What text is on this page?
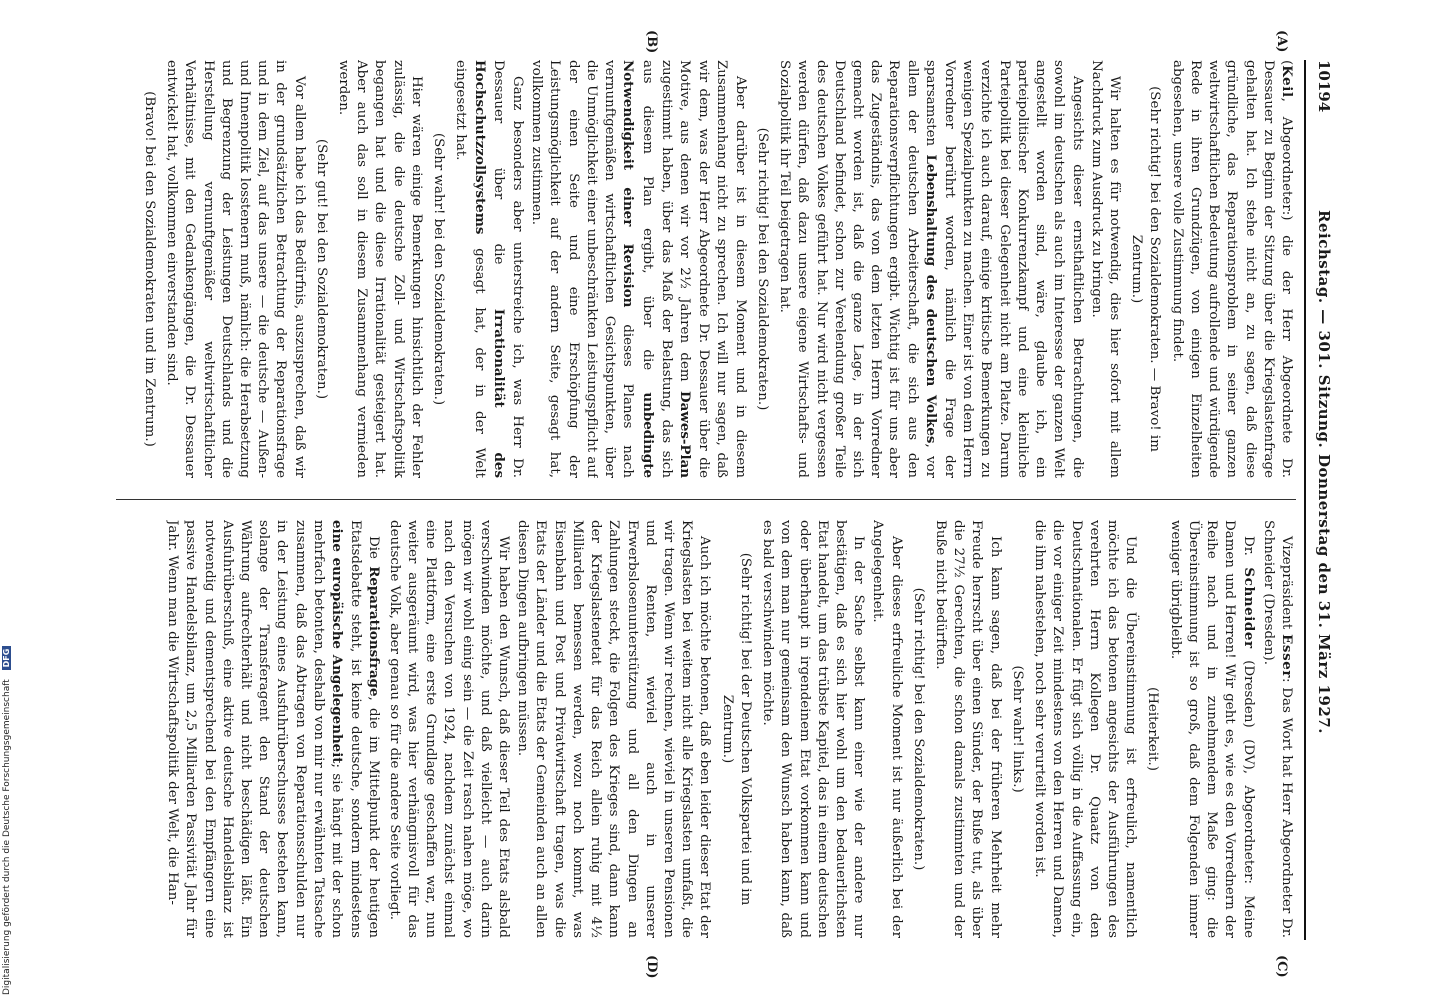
Digitalisierung gefördert durch die Deutsche Forschungsgemeinschaft DFG
10194
Reichstag. — 301. Sitzung. Donnerstag den 31. März 1927.
(A)
(B)
(C)
(D)

(Keil, Abgeordneter:) die der Herr Abgeordnete Dr. Dessauer zu Beginn der Sitzung über die Kriegslastenfrage gehalten hat. Ich stehe nicht an, zu sagen, daß diese gründliche, das Reparationsproblem in seiner ganzen weltwirtschaftlichen Bedeutung aufrollende und würdigende Rede in ihren Grundzügen, von einigen Einzelheiten abgesehen, unsere volle Zustimmung findet.

(Sehr richtig! bei den Sozialdemokraten. — Bravo! im Zentrum.)

Wir halten es für notwendig, dies hier sofort mit allem Nachdruck zum Ausdruck zu bringen.

Angesichts dieser ernsthaftlichen Betrachtungen, die sowohl im deutschen als auch im Interesse der ganzen Welt angestellt worden sind, wäre, glaube ich, ein parteipolitischer Konkurrenzkampf und eine kleinliche Parteipolitik bei dieser Gelegenheit nicht am Platze. Darum verzichte ich auch darauf, einige kritische Bemerkungen zu wenigen Spezialpunkten zu machen. Einer ist von dem Herrn Vorredner berührt worden, nämlich die Frage der sparsamsten Lebenshaltung des deutschen Volkes, vor allem der deutschen Arbeiterschaft, die sich aus den Reparationsverpflichtungen ergibt. Wichtig ist für uns aber das Zugeständnis, das von dem letzten Herrn Vorredner gemacht worden ist, daß die ganze Lage, in der sich Deutschland befindet, schon zur Verelendung großer Teile des deutschen Volkes geführt hat. Nur wird nicht vergessen werden dürfen, daß dazu unsere eigene Wirtschafts- und Sozialpolitik ihr Teil beigetragen hat.

(Sehr richtig! bei den Sozialdemokraten.)

Aber darüber ist in diesem Moment und in diesem Zusammenhang nicht zu sprechen. Ich will nur sagen, daß wir dem, was der Herr Abgeordnete Dr. Dessauer über die Motive, aus denen wir vor 2½ Jahren dem Dawes-Plan zugestimmt haben, über das Maß der Belastung, das sich aus diesem Plan ergibt, über die unbedingte Notwendigkeit einer Revision dieses Planes nach vernunftgemäßen wirtschaftlichen Gesichtspunkten, über die Unmöglichkeit einer unbeschränkten Leistungspflicht auf der einen Seite und eine Erschöpfung der Leistungsmöglichkeit auf der andern Seite, gesagt hat, vollkommen zustimmen.

Ganz besonders aber unterstreiche ich, was Herr Dr. Dessauer über die Irrationalität des Hochschutzzollsystems gesagt hat, der in der Welt eingesetzt hat.

(Sehr wahr! bei den Sozialdemokraten.)

Hier wären einige Bemerkungen hinsichtlich der Fehler zulässig, die die deutsche Zoll- und Wirtschaftspolitik begangen hat und die diese Irrationalität gesteigert hat. Aber auch das soll in diesem Zusammenhang vermieden werden.

(Sehr gut! bei den Sozialdemokraten.)

Vor allem habe ich das Bedürfnis, auszusprechen, daß wir in der grundsätzlichen Betrachtung der Reparationsfrage und in dem Ziel, auf das unsere — die deutsche — Außen- und Innenpolitik losstenern muß, nämlich: die Herabsetzung und Begrenzung der Leistungen Deutschlands und die Herstellung vernunftgemäßer weltwirtschaftlicher Verhältnisse, mit den Gedankengängen, die Dr. Dessauer entwickelt hat, vollkommen einverstanden sind.

(Bravo! bei den Sozialdemokraten und im Zentrum.)

Vizepräsident Esser: Das Wort hat Herr Abgeordneter Dr. Schneider (Dresden).

Dr. Schneider (Dresden) (DV), Abgeordneter: Meine Damen und Herren! Wir geht es, wie es den Vorrednern der Reihe nach und in zunehmendem Maße ging: die Übereinstimmung ist so groß, daß dem Folgenden immer weniger übrigbleibt.

(Heiterkeit.)

Und die Übereinstimmung ist erfreulich, namentlich möchte ich das betonen angesichts der Ausführungen des verehrten Herrn Kollegen Dr. Quaatz von den Deutschnationalen. Er fügt sich völlig in die Auffassung ein, die vor einiger Zeit mindestens von den Herren und Damen, die ihm nahestehen, noch sehr verurteilt worden ist.

(Sehr wahr! links.)

Ich kann sagen, daß bei der früheren Mehrheit mehr Freude herrscht über einen Sünder, der Buße tut, als über die 27½ Gerechten, die schon damals zustimmten und der Buße nicht bedürften.

(Sehr richtig! bei den Sozialdemokraten.)

Aber dieses erfreuliche Moment ist nur äußerlich bei der Angelegenheit.

In der Sache selbst kann einer wie der andere nur bestätigen, daß es sich hier wohl um den bedauerlichsten Etat handelt, um das trübste Kapitel, das in einem deutschen oder überhaupt in irgendeinem Etat vorkommen kann und von dem man nur gemeinsam den Wunsch haben kann, daß es bald verschwinden möchte.

(Sehr richtig! bei der Deutschen Volkspartei und im Zentrum.)

Auch ich möchte betonen, daß eben leider dieser Etat der Kriegslasten bei weitem nicht alle Kriegslasten umfaßt, die wir tragen. Wenn wir rechnen, wieviel in unseren Pensionen und Renten, wieviel auch in unserer Erwerbslosenunterstützung und all den Dingen an Zahlungen steckt, die Folgen des Krieges sind, dann kann der Kriegslastenetat für das Reich allein ruhig mit 4½ Milliarden bemessen werden, wozu noch kommt, was Eisenbahn und Post und Privatwirtschaft tragen, was die Etats der Länder und die Etats der Gemeinden auch an allen diesen Dingen aufbringen müssen.

Wir haben den Wunsch, daß dieser Teil des Etats alsbald verschwinden möchte, und daß vielleicht — auch darin mögen wir wohl einig sein — die Zeit rasch nahen möge, wo nach den Versuchen von 1924, nachdem zunächst einmal eine Plattform, eine erste Grundlage geschaffen war, nun weiter ausgeräumt wird, was hier verhängnisvoll für das deutsche Volk, aber genau so für die andere Seite vorliegt.

Die Reparationsfrage, die im Mittelpunkt der heutigen Etatsdebatte steht, ist keine deutsche, sondern mindestens eine europäische Angelegenheit; sie hängt mit der schon mehrfach betonten, deshalb von mir nur erwähnten Tatsache zusammen, daß das Abtragen von Reparationsschulden nur in der Leistung eines Ausfuhrüberschusses bestehen kann, solange der Transferagent den Stand der deutschen Währung aufrechterhält und nicht beschädigen läßt. Ein Ausfuhrüberschuß, eine aktive deutsche Handelsbilanz ist notwendig und dementsprechend bei den Empfängern eine passive Handelsbilanz, um 2,5 Milliarden Passivität Jahr für Jahr. Wenn man die Wirtschaftspolitik der Welt, die Han-
